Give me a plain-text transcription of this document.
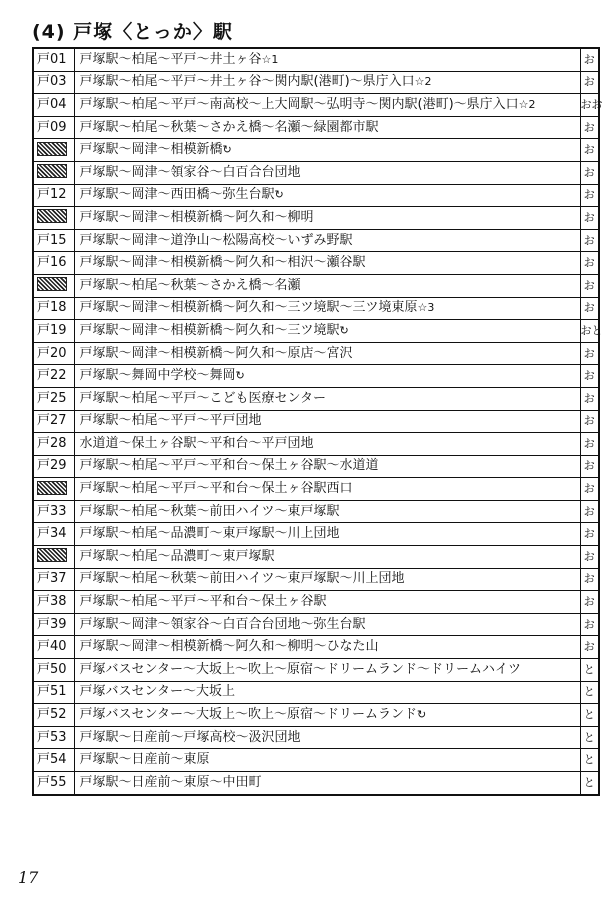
(4) 戸塚〈とっか〉駅
戸01	戸塚駅～柏尾～平戸～井土ヶ谷☆1	お
戸03	戸塚駅～柏尾～平戸～井土ヶ谷～関内駅(港町)～県庁入口☆2	お
戸04	戸塚駅～柏尾～平戸～南高校～上大岡駅～弘明寺～関内駅(港町)～県庁入口☆2	おお
戸09	戸塚駅～柏尾～秋葉～さかえ橋～名瀬～緑園都市駅	お
	戸塚駅～岡津～相模新橋↻	お
	戸塚駅～岡津～領家谷～白百合台団地	お
戸12	戸塚駅～岡津～西田橋～弥生台駅↻	お
	戸塚駅～岡津～相模新橋～阿久和～柳明	お
戸15	戸塚駅～岡津～道浄山～松陽高校～いずみ野駅	お
戸16	戸塚駅～岡津～相模新橋～阿久和～相沢～瀬谷駅	お
	戸塚駅～柏尾～秋葉～さかえ橋～名瀬	お
戸18	戸塚駅～岡津～相模新橋～阿久和～三ツ境駅～三ツ境東原☆3	お
戸19	戸塚駅～岡津～相模新橋～阿久和～三ツ境駅↻	おと
戸20	戸塚駅～岡津～相模新橋～阿久和～原店～宮沢	お
戸22	戸塚駅～舞岡中学校～舞岡↻	お
戸25	戸塚駅～柏尾～平戸～こども医療センター	お
戸27	戸塚駅～柏尾～平戸～平戸団地	お
戸28	水道道～保土ヶ谷駅～平和台～平戸団地	お
戸29	戸塚駅～柏尾～平戸～平和台～保土ヶ谷駅～水道道	お
	戸塚駅～柏尾～平戸～平和台～保土ヶ谷駅西口	お
戸33	戸塚駅～柏尾～秋葉～前田ハイツ～東戸塚駅	お
戸34	戸塚駅～柏尾～品濃町～東戸塚駅～川上団地	お
	戸塚駅～柏尾～品濃町～東戸塚駅	お
戸37	戸塚駅～柏尾～秋葉～前田ハイツ～東戸塚駅～川上団地	お
戸38	戸塚駅～柏尾～平戸～平和台～保土ヶ谷駅	お
戸39	戸塚駅～岡津～領家谷～白百合台団地～弥生台駅	お
戸40	戸塚駅～岡津～相模新橋～阿久和～柳明～ひなた山	お
戸50	戸塚バスセンター～大坂上～吹上～原宿～ドリームランド～ドリームハイツ	と
戸51	戸塚バスセンター～大坂上	と
戸52	戸塚バスセンター～大坂上～吹上～原宿～ドリームランド↻	と
戸53	戸塚駅～日産前～戸塚高校～汲沢団地	と
戸54	戸塚駅～日産前～東原	と
戸55	戸塚駅～日産前～東原～中田町	と
17
